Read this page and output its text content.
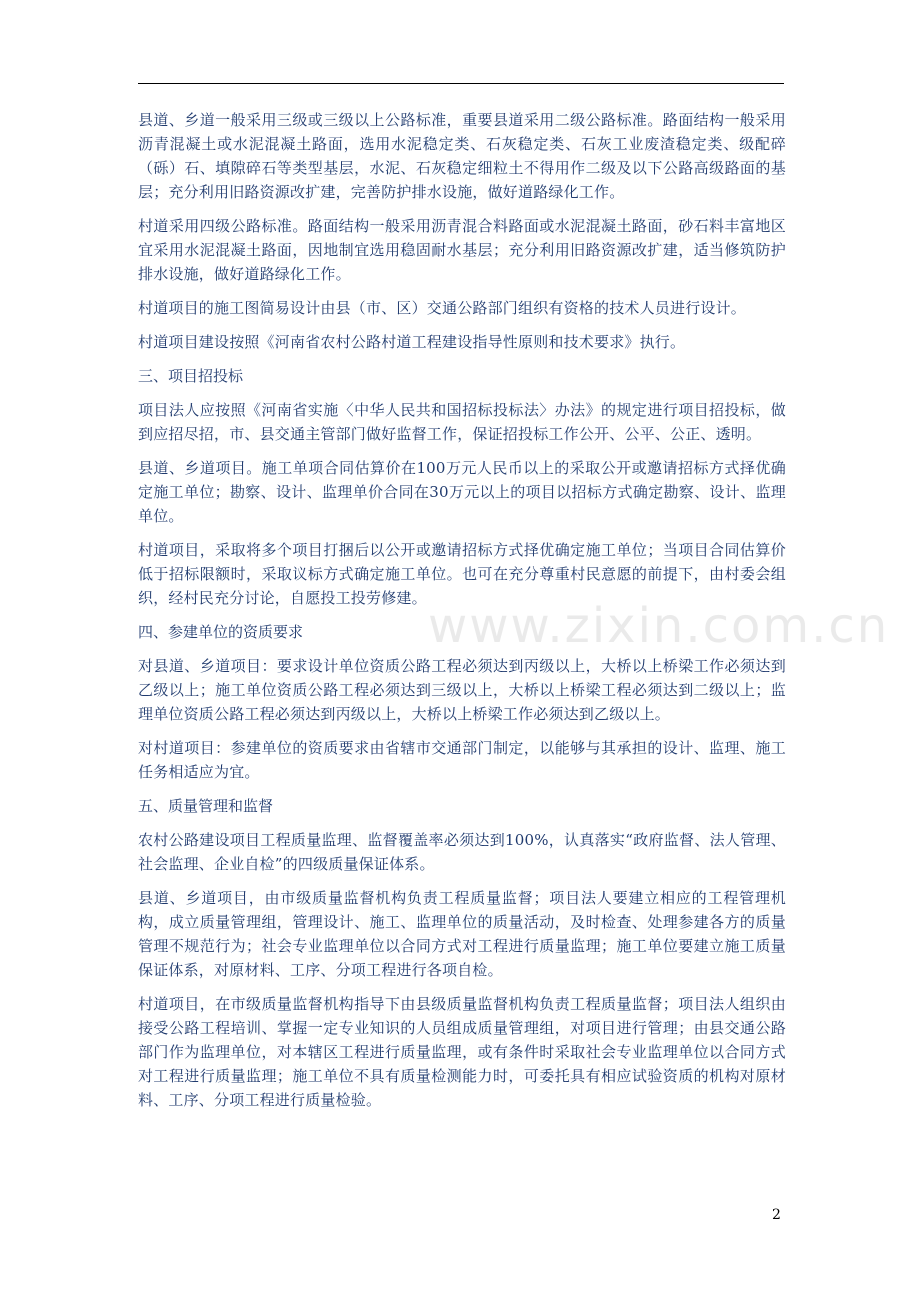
县道、乡道一般采用三级或三级以上公路标准，重要县道采用二级公路标准。路面结构一般采用沥青混凝土或水泥混凝土路面，选用水泥稳定类、石灰稳定类、石灰工业废渣稳定类、级配碎（砾）石、填隙碎石等类型基层，水泥、石灰稳定细粒土不得用作二级及以下公路高级路面的基层；充分利用旧路资源改扩建，完善防护排水设施，做好道路绿化工作。

村道采用四级公路标准。路面结构一般采用沥青混合料路面或水泥混凝土路面，砂石料丰富地区宜采用水泥混凝土路面，因地制宜选用稳固耐水基层；充分利用旧路资源改扩建，适当修筑防护排水设施，做好道路绿化工作。

村道项目的施工图简易设计由县（市、区）交通公路部门组织有资格的技术人员进行设计。

村道项目建设按照《河南省农村公路村道工程建设指导性原则和技术要求》执行。

三、项目招投标

项目法人应按照《河南省实施〈中华人民共和国招标投标法〉办法》的规定进行项目招投标，做到应招尽招，市、县交通主管部门做好监督工作，保证招投标工作公开、公平、公正、透明。

县道、乡道项目。施工单项合同估算价在100万元人民币以上的采取公开或邀请招标方式择优确定施工单位；勘察、设计、监理单价合同在30万元以上的项目以招标方式确定勘察、设计、监理单位。

村道项目，采取将多个项目打捆后以公开或邀请招标方式择优确定施工单位；当项目合同估算价低于招标限额时，采取议标方式确定施工单位。也可在充分尊重村民意愿的前提下，由村委会组织，经村民充分讨论，自愿投工投劳修建。

四、参建单位的资质要求

对县道、乡道项目：要求设计单位资质公路工程必须达到丙级以上，大桥以上桥梁工作必须达到乙级以上；施工单位资质公路工程必须达到三级以上，大桥以上桥梁工程必须达到二级以上；监理单位资质公路工程必须达到丙级以上，大桥以上桥梁工作必须达到乙级以上。

对村道项目：参建单位的资质要求由省辖市交通部门制定，以能够与其承担的设计、监理、施工任务相适应为宜。

五、质量管理和监督

农村公路建设项目工程质量监理、监督覆盖率必须达到100%，认真落实“政府监督、法人管理、社会监理、企业自检”的四级质量保证体系。

县道、乡道项目，由市级质量监督机构负责工程质量监督；项目法人要建立相应的工程管理机构，成立质量管理组，管理设计、施工、监理单位的质量活动，及时检查、处理参建各方的质量管理不规范行为；社会专业监理单位以合同方式对工程进行质量监理；施工单位要建立施工质量保证体系，对原材料、工序、分项工程进行各项自检。

村道项目，在市级质量监督机构指导下由县级质量监督机构负责工程质量监督；项目法人组织由接受公路工程培训、掌握一定专业知识的人员组成质量管理组，对项目进行管理；由县交通公路部门作为监理单位，对本辖区工程进行质量监理，或有条件时采取社会专业监理单位以合同方式对工程进行质量监理；施工单位不具有质量检测能力时，可委托具有相应试验资质的机构对原材料、工序、分项工程进行质量检验。

www.zixin.com.cn
2
